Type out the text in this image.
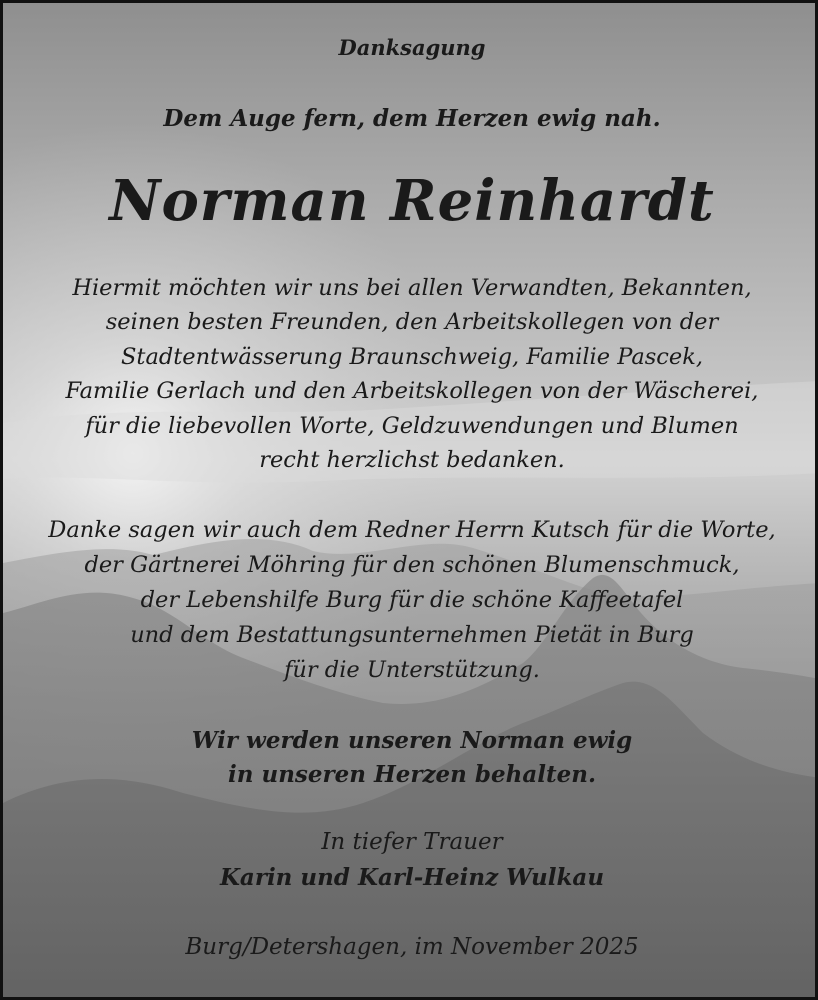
Danksagung
Dem Auge fern, dem Herzen ewig nah.
Norman Reinhardt
Hiermit möchten wir uns bei allen Verwandten, Bekannten,
seinen besten Freunden, den Arbeitskollegen von der
Stadtentwässerung Braunschweig, Familie Pascek,
Familie Gerlach und den Arbeitskollegen von der Wäscherei,
für die liebevollen Worte, Geldzuwendungen und Blumen
recht herzlichst bedanken.
Danke sagen wir auch dem Redner Herrn Kutsch für die Worte,
der Gärtnerei Möhring für den schönen Blumenschmuck,
der Lebenshilfe Burg für die schöne Kaffeetafel
und dem Bestattungsunternehmen Pietät in Burg
für die Unterstützung.
Wir werden unseren Norman ewig
in unseren Herzen behalten.
In tiefer Trauer
Karin und Karl-Heinz Wulkau
Burg/Detershagen, im November 2025
